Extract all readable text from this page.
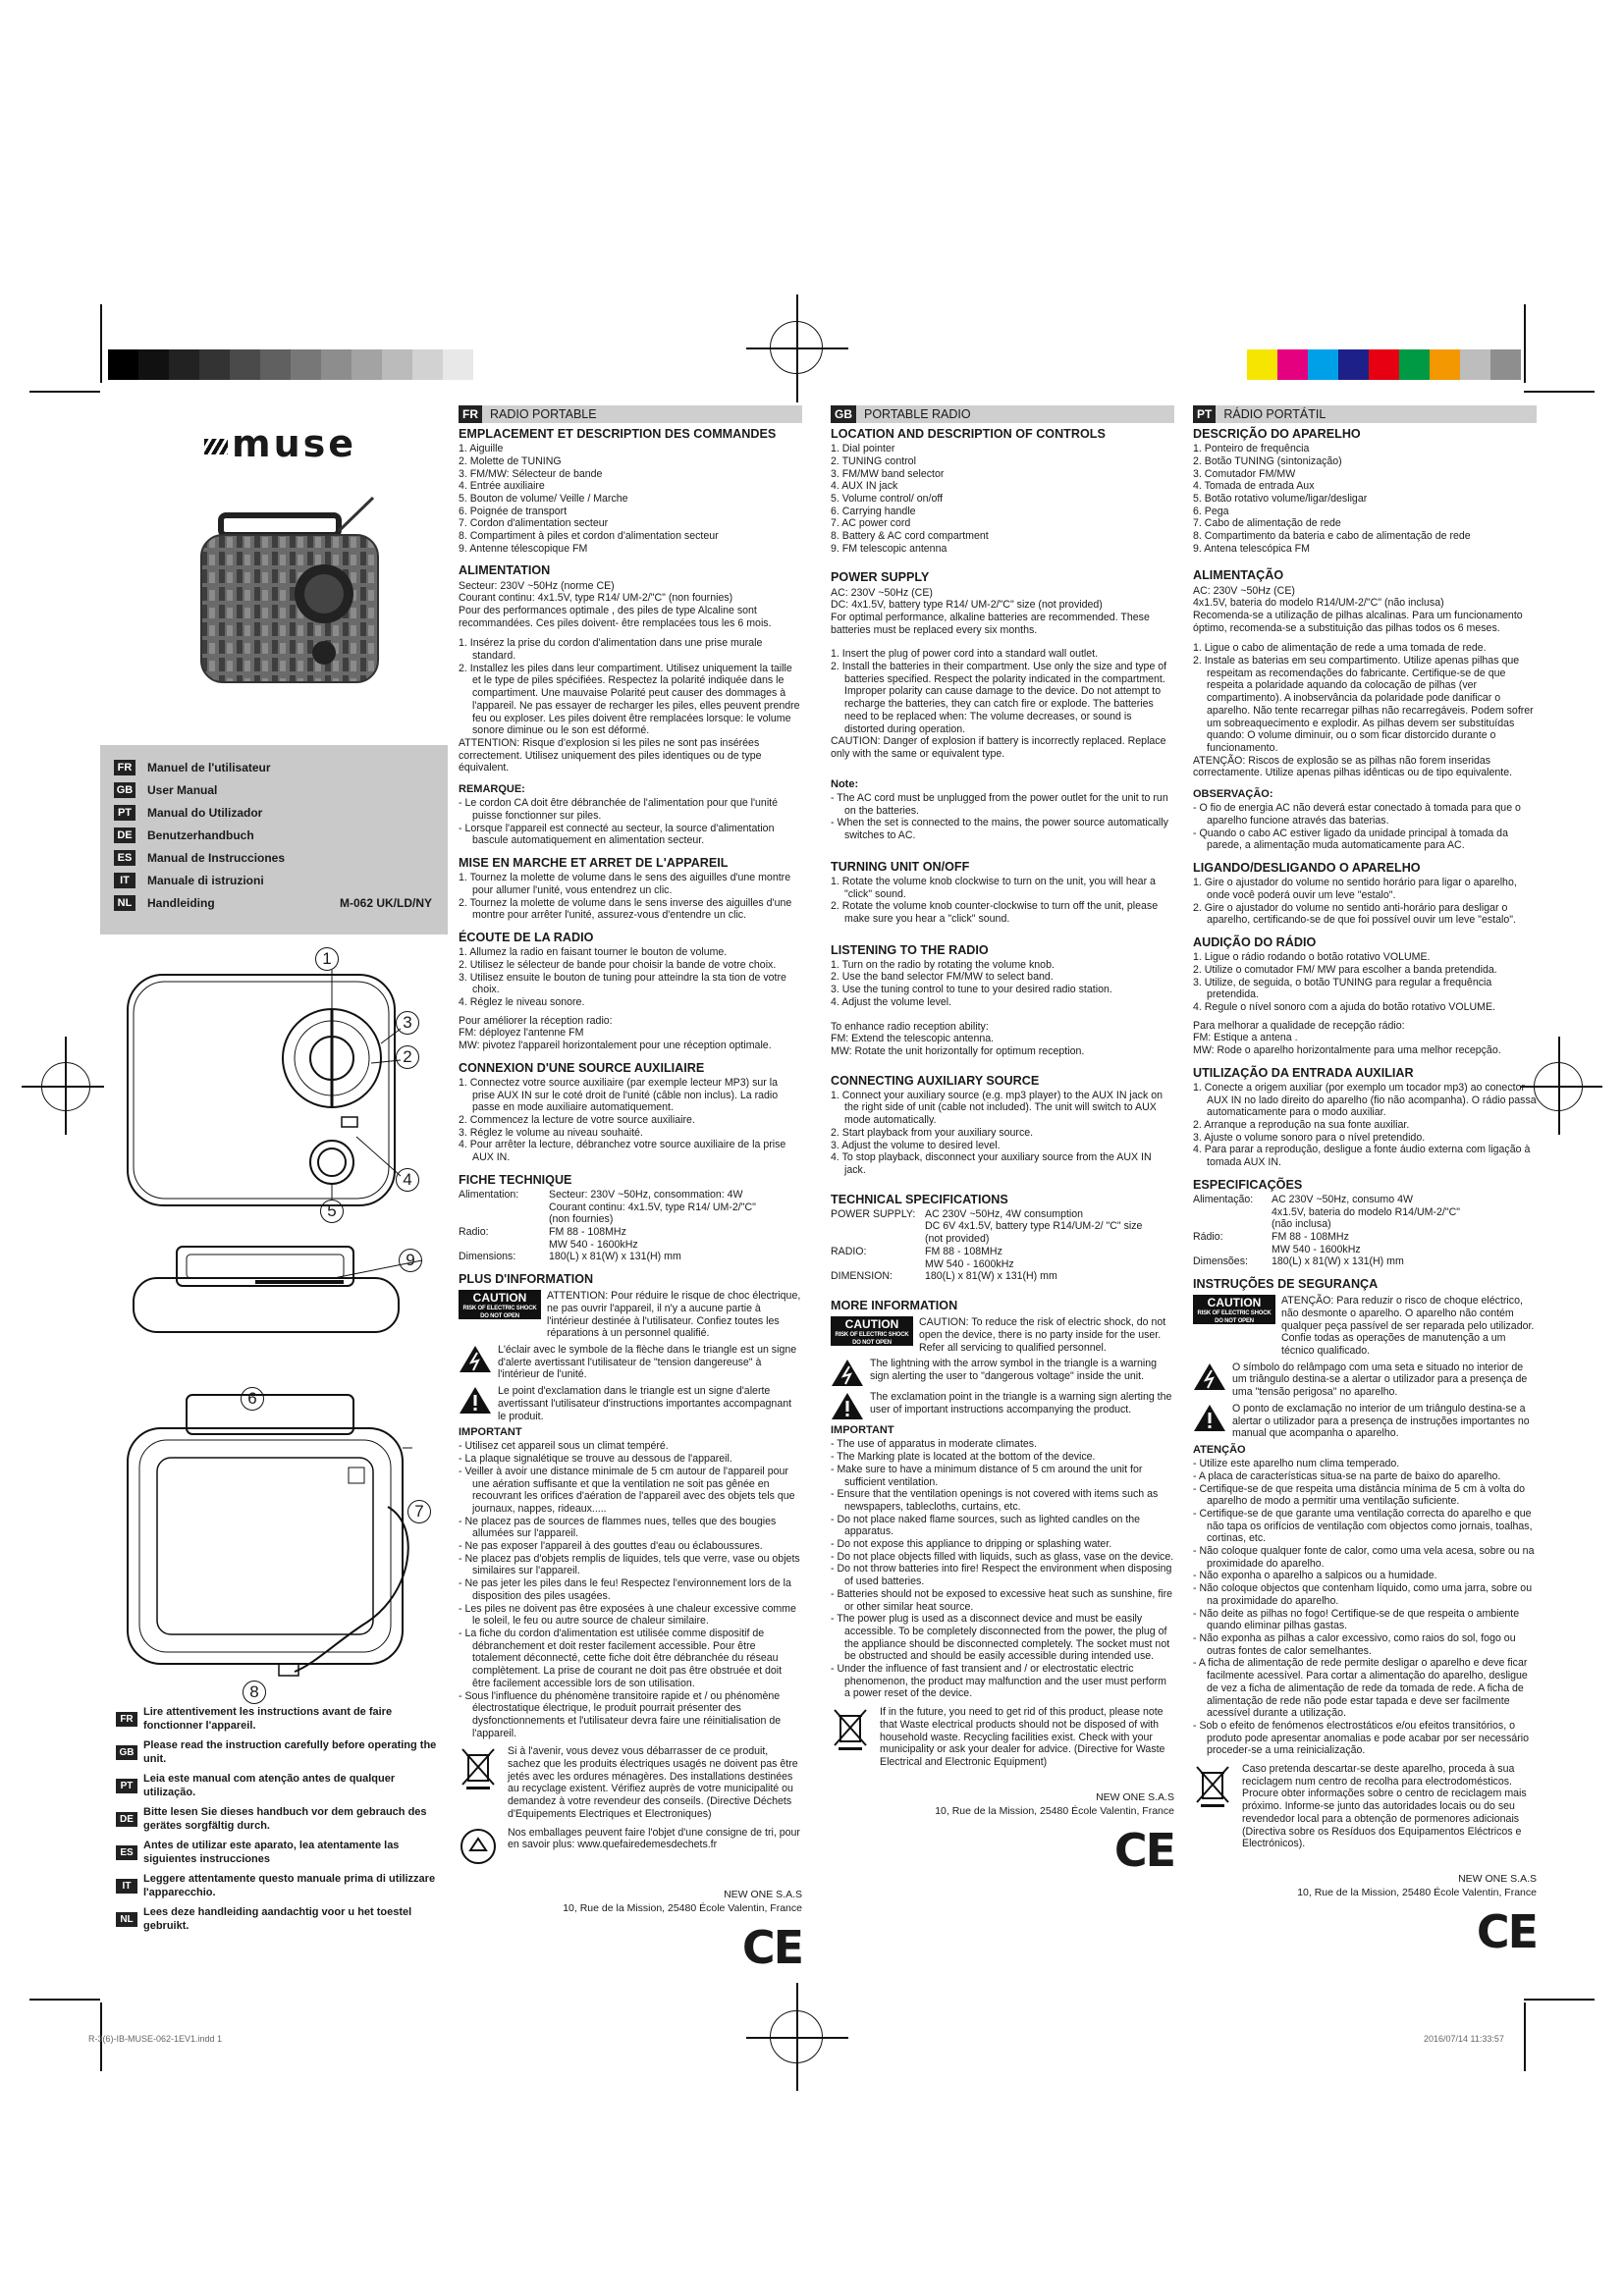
muse
FR	Manuel de l'utilisateur
GB User Manual
PT	Manual do Utilizador
DE Benutzerhandbuch
ES	Manual de Instrucciones
IT	Manuale di istruzioni
NL	Handleiding	M-062 UK/LD/NY
1
3
2
4
5
9
6
7
8
FR
Lire attentivement les instructions avant de faire fonctionner l'appareil.
GB
Please read the instruction carefully before operating the unit.
PT
Leia este manual com atenção antes de qualquer utilização.
DE
Bitte lesen Sie dieses handbuch vor dem gebrauch des gerätes sorgfältig durch.
ES
Antes de utilizar este aparato, lea atentamente las siguientes instrucciones
IT
Leggere attentamente questo manuale prima di utilizzare l'apparecchio.
NL
Lees deze handleiding aandachtig voor u het toestel gebruikt.
FR RADIO PORTABLE
EMPLACEMENT ET DESCRIPTION DES COMMANDES

1. Aiguille

2. Molette de TUNING

3. FM/MW: Sélecteur de bande

4. Entrée auxiliaire

5. Bouton de volume/ Veille / Marche

6. Poignée de transport

7. Cordon d'alimentation secteur

8. Compartiment à piles et cordon d'alimentation secteur

9. Antenne télescopique FM

ALIMENTATION

Secteur: 230V ~50Hz (norme CE)

Courant continu: 4x1.5V, type R14/ UM-2/"C" (non fournies)

Pour des performances optimale , des piles de type Alcaline sont recommandées. Ces piles doivent- être remplacées tous les 6 mois.

1. Insérez la prise du cordon d'alimentation dans une prise murale standard.

2. Installez les piles dans leur compartiment. Utilisez uniquement la taille et le type de piles spécifiées. Respectez la polarité indiquée dans le compartiment. Une mauvaise Polarité peut causer des dommages à l'appareil. Ne pas essayer de recharger les piles, elles peuvent prendre feu ou exploser. Les piles doivent être remplacées lorsque: le volume sonore diminue ou le son est déformé.

ATTENTION: Risque d'explosion si les piles ne sont pas insérées correctement. Utilisez uniquement des piles identiques ou de type équivalent.

REMARQUE:

- Le cordon CA doit être débranchée de l'alimentation pour que l'unité puisse fonctionner sur piles.

- Lorsque l'appareil est connecté au secteur, la source d'alimentation bascule automatiquement en alimentation secteur.

MISE EN MARCHE ET ARRET DE L'APPAREIL

1. Tournez la molette de volume dans le sens des aiguilles d'une montre pour allumer l'unité, vous entendrez un clic.

2. Tournez la molette de volume dans le sens inverse des aiguilles d'une montre pour arrêter l'unité, assurez-vous d'entendre un clic.

ÉCOUTE DE LA RADIO

1. Allumez la radio en faisant tourner le bouton de volume.

2. Utilisez le sélecteur de bande pour choisir la bande de votre choix.

3. Utilisez ensuite le bouton de tuning pour atteindre la sta tion de votre choix.

4. Réglez le niveau sonore.

Pour améliorer la réception radio:

FM: déployez l'antenne FM

MW: pivotez l'appareil horizontalement pour une réception optimale.

CONNEXION D'UNE SOURCE AUXILIAIRE

1. Connectez votre source auxiliaire (par exemple lecteur MP3) sur la prise AUX IN sur le coté droit de l'unité (câble non inclus). La radio passe en mode auxiliaire automatiquement.

2. Commencez la lecture de votre source auxiliaire.

3. Réglez le volume au niveau souhaité.

4. Pour arrêter la lecture, débranchez votre source auxiliaire de la prise AUX IN.

FICHE TECHNIQUE
Alimentation:	Secteur: 230V ~50Hz, consommation: 4W
Courant continu: 4x1.5V, type R14/ UM-2/"C"
(non fournies)
Radio:	FM 88 - 108MHz
MW 540 - 1600kHz
Dimensions:	180(L) x 81(W) x 131(H) mm
PLUS D'INFORMATION
CAUTION
RISK OF ELECTRIC SHOCK
DO NOT OPEN

ATTENTION: Pour réduire le risque de choc électrique, ne pas ouvrir l'appareil, il n'y a aucune partie à l'intérieur destinée à l'utilisateur. Confiez toutes les réparations à un personnel qualifié.

L'éclair avec le symbole de la flèche dans le triangle est un signe d'alerte avertissant l'utilisateur de "tension dangereuse" à l'intérieur de l'unité.

Le point d'exclamation dans le triangle est un signe d'alerte avertissant l'utilisateur d'instructions importantes accompagnant le produit.

IMPORTANT

- Utilisez cet appareil sous un climat tempéré.

- La plaque signalétique se trouve au dessous de l'appareil.

- Veiller à avoir une distance minimale de 5 cm autour de l'appareil pour une aération suffisante et que la ventilation ne soit pas gênée en recouvrant les orifices d'aération de l'appareil avec des objets tels que journaux, nappes, rideaux.....

- Ne placez pas de sources de flammes nues, telles que des bougies allumées sur l'appareil.

- Ne pas exposer l'appareil à des gouttes d'eau ou éclaboussures.

- Ne placez pas d'objets remplis de liquides, tels que verre, vase ou objets similaires sur l'appareil.

- Ne pas jeter les piles dans le feu! Respectez l'environnement lors de la disposition des piles usagées.

- Les piles ne doivent pas être exposées à une chaleur excessive comme le soleil, le feu ou autre source de chaleur similaire.

- La fiche du cordon d'alimentation est utilisée comme dispositif de débranchement et doit rester facilement accessible. Pour être totalement déconnecté, cette fiche doit être débranchée du réseau complètement. La prise de courant ne doit pas être obstruée et doit être facilement accessible lors de son utilisation.

- Sous l'influence du phénomène transitoire rapide et / ou phénomène électrostatique électrique, le produit pourrait présenter des dysfonctionnements et l'utilisateur devra faire une réinitialisation de l'appareil.

Si à l'avenir, vous devez vous débarrasser de ce produit, sachez que les produits électriques usagés ne doivent pas être jetés avec les ordures ménagères. Des installations destinées au recyclage existent. Vérifiez auprès de votre municipalité ou demandez à votre revendeur des conseils. (Directive Déchets d'Equipements Electriques et Electroniques)

Nos emballages peuvent faire l'objet d'une consigne de tri, pour en savoir plus: www.quefairedemesdechets.fr

NEW ONE S.A.S
10, Rue de la Mission, 25480 École Valentin, France
CE
GB PORTABLE RADIO
LOCATION AND DESCRIPTION OF CONTROLS

1. Dial pointer

2. TUNING control

3. FM/MW band selector

4. AUX IN jack

5. Volume control/ on/off

6. Carrying handle

7. AC power cord

8. Battery & AC cord compartment

9. FM telescopic antenna

POWER SUPPLY

AC: 230V ~50Hz (CE)

DC: 4x1.5V, battery type R14/ UM-2/"C" size (not provided)

For optimal performance, alkaline batteries are recommended. These batteries must be replaced every six months.

1. Insert the plug of power cord into a standard wall outlet.

2. Install the batteries in their compartment. Use only the size and type of batteries specified. Respect the polarity indicated in the compartment. Improper polarity can cause damage to the device. Do not attempt to recharge the batteries, they can catch fire or explode. The batteries need to be replaced when: The volume decreases, or sound is distorted during operation.

CAUTION: Danger of explosion if battery is incorrectly replaced. Replace only with the same or equivalent type.

Note:

- The AC cord must be unplugged from the power outlet for the unit to run on the batteries.

- When the set is connected to the mains, the power source automatically switches to AC.

TURNING UNIT ON/OFF

1. Rotate the volume knob clockwise to turn on the unit, you will hear a "click" sound.

2. Rotate the volume knob counter-clockwise to turn off the unit, please make sure you hear a "click" sound.

LISTENING TO THE RADIO

1. Turn on the radio by rotating the volume knob.

2. Use the band selector FM/MW to select band.

3. Use the tuning control to tune to your desired radio station.

4. Adjust the volume level.

To enhance radio reception ability:

FM: Extend the telescopic antenna.

MW: Rotate the unit horizontally for optimum reception.

CONNECTING AUXILIARY SOURCE

1. Connect your auxiliary source (e.g. mp3 player) to the AUX IN jack on the right side of unit (cable not included). The unit will switch to AUX mode automatically.

2. Start playback from your auxiliary source.

3. Adjust the volume to desired level.

4. To stop playback, disconnect your auxiliary source from the AUX IN jack.

TECHNICAL SPECIFICATIONS
POWER SUPPLY: AC 230V ~50Hz, 4W consumption
DC 6V 4x1.5V, battery type R14/UM-2/ "C" size
(not provided)
RADIO:	FM 88 - 108MHz
MW 540 - 1600kHz
DIMENSION:	180(L) x 81(W) x 131(H) mm
MORE INFORMATION
CAUTION
RISK OF ELECTRIC SHOCK
DO NOT OPEN

CAUTION: To reduce the risk of electric shock, do not open the device, there is no party inside for the user. Refer all servicing to qualified personnel.

The lightning with the arrow symbol in the triangle is a warning sign alerting the user to "dangerous voltage" inside the unit.

The exclamation point in the triangle is a warning sign alerting the user of important instructions accompanying the product.

IMPORTANT

- The use of apparatus in moderate climates.

- The Marking plate is located at the bottom of the device.

- Make sure to have a minimum distance of 5 cm around the unit for sufficient ventilation.

- Ensure that the ventilation openings is not covered with items such as newspapers, tablecloths, curtains, etc.

- Do not place naked flame sources, such as lighted candles on the apparatus.

- Do not expose this appliance to dripping or splashing water.

- Do not place objects filled with liquids, such as glass, vase on the device.

- Do not throw batteries into fire! Respect the environment when disposing of used batteries.

- Batteries should not be exposed to excessive heat such as sunshine, fire or other similar heat source.

- The power plug is used as a disconnect device and must be easily accessible. To be completely disconnected from the power, the plug of the appliance should be disconnected completely. The socket must not be obstructed and should be easily accessible during intended use.

- Under the influence of fast transient and / or electrostatic electric phenomenon, the product may malfunction and the user must perform a power reset of the device.

If in the future, you need to get rid of this product, please note that Waste electrical products should not be disposed of with household waste. Recycling facilities exist. Check with your municipality or ask your dealer for advice. (Directive for Waste Electrical and Electronic Equipment)

NEW ONE S.A.S
10, Rue de la Mission, 25480 École Valentin, France
CE
PT RÁDIO PORTÁTIL
DESCRIÇÃO DO APARELHO

1. Ponteiro de frequência

2. Botão TUNING (sintonização)

3. Comutador FM/MW

4. Tomada de entrada Aux

5. Botão rotativo volume/ligar/desligar

6. Pega

7. Cabo de alimentação de rede

8. Compartimento da bateria e cabo de alimentação de rede

9. Antena telescópica FM

ALIMENTAÇÃO

AC: 230V ~50Hz (CE)

4x1.5V, bateria do modelo R14/UM-2/"C" (não inclusa)

Recomenda-se a utilização de pilhas alcalinas. Para um funcionamento óptimo, recomenda-se a substituição das pilhas todos os 6 meses.

1. Ligue o cabo de alimentação de rede a uma tomada de rede.

2. Instale as baterias em seu compartimento. Utilize apenas pilhas que respeitam as recomendações do fabricante. Certifique-se de que respeita a polaridade aquando da colocação de pilhas (ver compartimento). A inobservância da polaridade pode danificar o aparelho. Não tente recarregar pilhas não recarregáveis. Podem sofrer um sobreaquecimento e explodir. As pilhas devem ser substituídas quando: O volume diminuir, ou o som ficar distorcido durante o funcionamento.

ATENÇÃO: Riscos de explosão se as pilhas não forem inseridas correctamente. Utilize apenas pilhas idênticas ou de tipo equivalente.

OBSERVAÇÃO:

- O fio de energia AC não deverá estar conectado à tomada para que o aparelho funcione através das baterias.

- Quando o cabo AC estiver ligado da unidade principal à tomada da parede, a alimentação muda automaticamente para AC.

LIGANDO/DESLIGANDO O APARELHO

1. Gire o ajustador do volume no sentido horário para ligar o aparelho, onde você poderá ouvir um leve "estalo".

2. Gire o ajustador do volume no sentido anti-horário para desligar o aparelho, certificando-se de que foi possível ouvir um leve "estalo".

AUDIÇÃO DO RÁDIO

1. Ligue o rádio rodando o botão rotativo VOLUME.

2. Utilize o comutador FM/ MW para escolher a banda pretendida.

3. Utilize, de seguida, o botão TUNING para regular a frequência pretendida.

4. Regule o nível sonoro com a ajuda do botão rotativo VOLUME.

Para melhorar a qualidade de recepção rádio:

FM: Estique a antena .

MW: Rode o aparelho horizontalmente para uma melhor recepção.

UTILIZAÇÃO DA ENTRADA AUXILIAR

1. Conecte a origem auxiliar (por exemplo um tocador mp3) ao conector AUX IN no lado direito do aparelho (fio não acompanha). O rádio passa automaticamente para o modo auxiliar.

2. Arranque a reprodução na sua fonte auxiliar.

3. Ajuste o volume sonoro para o nível pretendido.

4. Para parar a reprodução, desligue a fonte áudio externa com ligação à tomada AUX IN.

ESPECIFICAÇÕES
Alimentação:	AC 230V ~50Hz, consumo 4W
4x1.5V, bateria do modelo R14/UM-2/"C"
(não inclusa)
Rádio:	FM 88 - 108MHz
MW 540 - 1600kHz
Dimensões:	180(L) x 81(W) x 131(H) mm
INSTRUÇÕES DE SEGURANÇA
CAUTION
RISK OF ELECTRIC SHOCK
DO NOT OPEN

ATENÇÃO: Para reduzir o risco de choque eléctrico, não desmonte o aparelho. O aparelho não contém qualquer peça passível de ser reparada pelo utilizador. Confie todas as operações de manutenção a um técnico qualificado.

O símbolo do relâmpago com uma seta e situado no interior de um triângulo destina-se a alertar o utilizador para a presença de uma "tensão perigosa" no aparelho.

O ponto de exclamação no interior de um triângulo destina-se a alertar o utilizador para a presença de instruções importantes no manual que acompanha o aparelho.

ATENÇÃO

- Utilize este aparelho num clima temperado.

- A placa de características situa-se na parte de baixo do aparelho.

- Certifique-se de que respeita uma distância mínima de 5 cm à volta do aparelho de modo a permitir uma ventilação suficiente.

- Certifique-se de que garante uma ventilação correcta do aparelho e que não tapa os orifícios de ventilação com objectos como jornais, toalhas, cortinas, etc.

- Não coloque qualquer fonte de calor, como uma vela acesa, sobre ou na proximidade do aparelho.

- Não exponha o aparelho a salpicos ou a humidade.

- Não coloque objectos que contenham líquido, como uma jarra, sobre ou na proximidade do aparelho.

- Não deite as pilhas no fogo! Certifique-se de que respeita o ambiente quando eliminar pilhas gastas.

- Não exponha as pilhas a calor excessivo, como raios do sol, fogo ou outras fontes de calor semelhantes.

- A ficha de alimentação de rede permite desligar o aparelho e deve ficar facilmente acessível. Para cortar a alimentação do aparelho, desligue de vez a ficha de alimentação de rede da tomada de rede. A ficha de alimentação de rede não pode estar tapada e deve ser facilmente acessível durante a utilização.

- Sob o efeito de fenómenos electrostáticos e/ou efeitos transitórios, o produto pode apresentar anomalias e pode acabar por ser necessário proceder-se a uma reinicialização.

Caso pretenda descartar-se deste aparelho, proceda à sua reciclagem num centro de recolha para electrodomésticos. Procure obter informações sobre o centro de reciclagem mais próximo. Informe-se junto das autoridades locais ou do seu revendedor local para a obtenção de pormenores adicionais (Directiva sobre os Resíduos dos Equipamentos Eléctricos e Electrónicos).

NEW ONE S.A.S
10, Rue de la Mission, 25480 École Valentin, France
CE
R-3(6)-IB-MUSE-062-1EV1.indd 1	2016/07/14 11:33:57
